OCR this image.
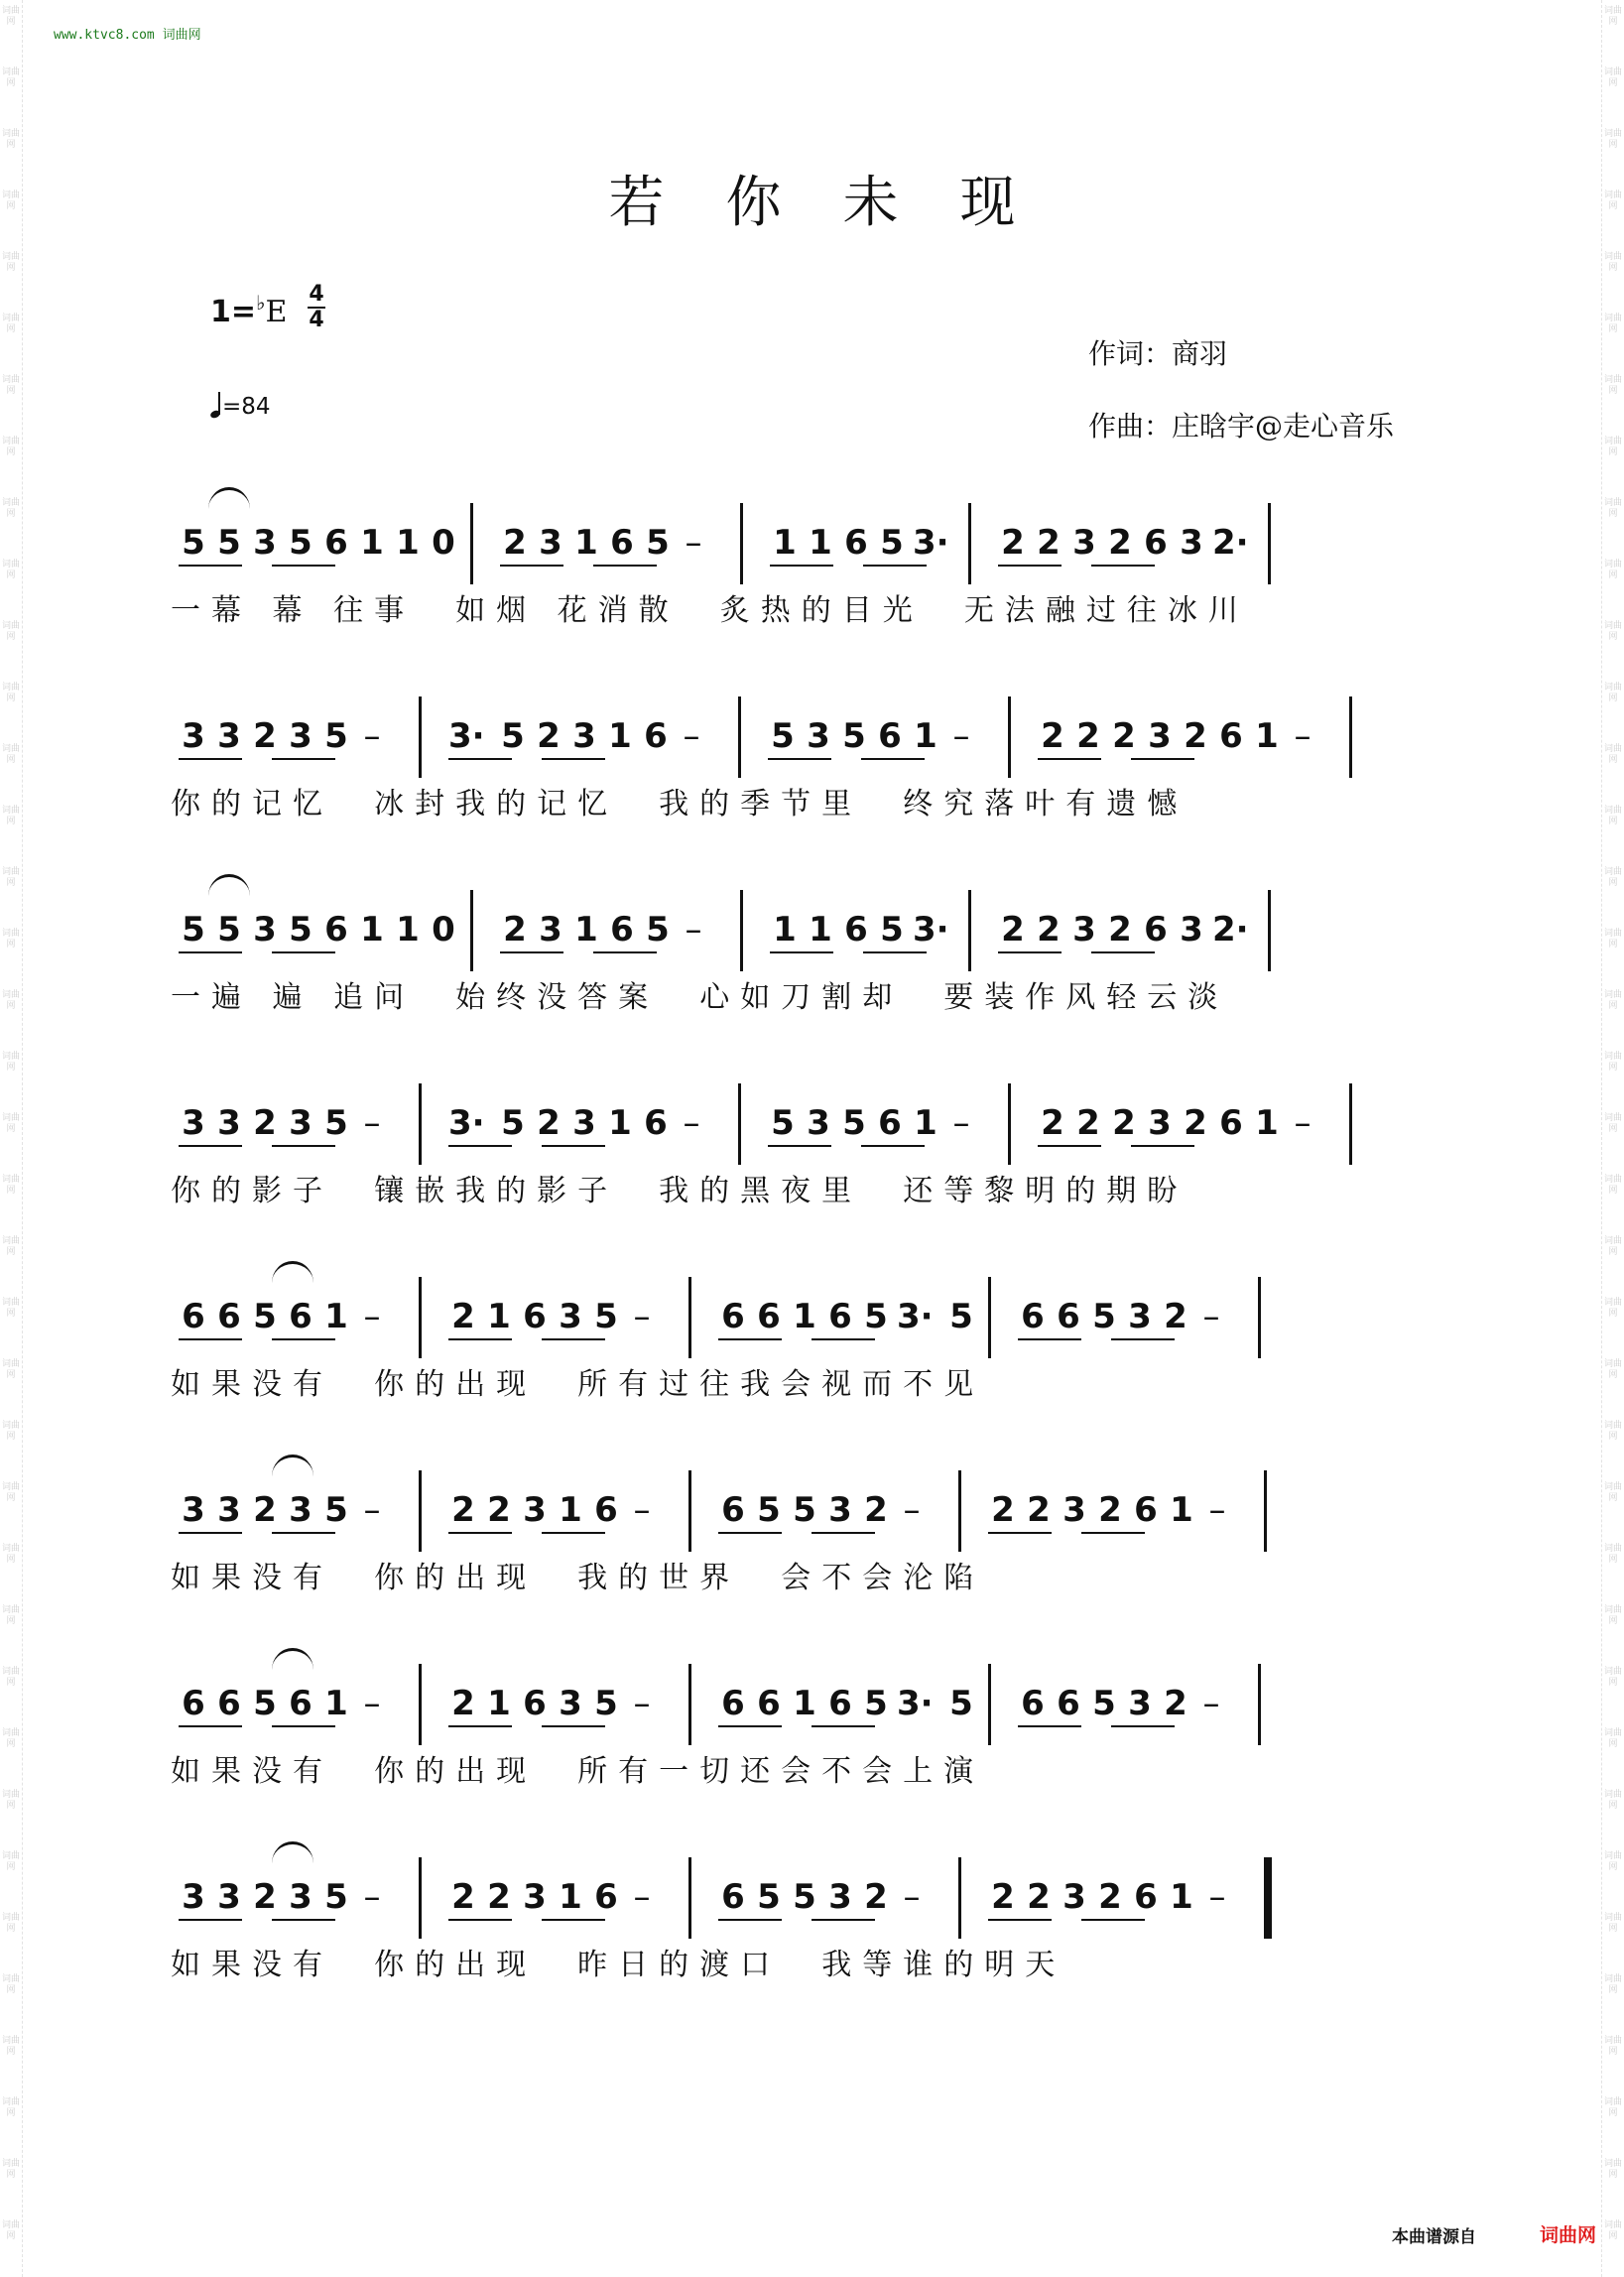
词曲网
词曲网
词曲网
词曲网
词曲网
词曲网
词曲网
词曲网
词曲网
词曲网
词曲网
词曲网
词曲网
词曲网
词曲网
词曲网
词曲网
词曲网
词曲网
词曲网
词曲网
词曲网
词曲网
词曲网
词曲网
词曲网
词曲网
词曲网
词曲网
词曲网
词曲网
词曲网
词曲网
词曲网
词曲网
词曲网
词曲网
词曲网
词曲网
词曲网
词曲网
词曲网
词曲网
词曲网
词曲网
词曲网
词曲网
词曲网
词曲网
词曲网
词曲网
词曲网
词曲网
词曲网
词曲网
词曲网
词曲网
词曲网
词曲网
词曲网
词曲网
词曲网
词曲网
词曲网
词曲网
词曲网
词曲网
词曲网
词曲网
词曲网
词曲网
词曲网
词曲网
词曲网
www.ktvc8.com 词曲网
若你未现
1=♭E
4
4
=84
作词：商羽
作曲：庄晗宇@走心音乐
5 5 3 5 6 1 1 0 2 3 1 6 5 – 1 1 6 5 3· 2 2 3 2 6 3 2·
一幕 幕 往事  如烟 花消散  炙热的目光  无法融过往冰川
3 3 2 3 5 – 3· 5 2 3 1 6 – 5 3 5 6 1 – 2 2 2 3 2 6 1 –
你的记忆  冰封我的记忆  我的季节里  终究落叶有遗憾
5 5 3 5 6 1 1 0 2 3 1 6 5 – 1 1 6 5 3· 2 2 3 2 6 3 2·
一遍 遍 追问  始终没答案  心如刀割却  要装作风轻云淡
3 3 2 3 5 – 3· 5 2 3 1 6 – 5 3 5 6 1 – 2 2 2 3 2 6 1 –
你的影子  镶嵌我的影子  我的黑夜里  还等黎明的期盼
6 6 5 6 1 – 2 1 6 3 5 – 6 6 1 6 5 3· 5 6 6 5 3 2 –
如果没有  你的出现  所有过往我会视而不见
3 3 2 3 5 – 2 2 3 1 6 – 6 5 5 3 2 – 2 2 3 2 6 1 –
如果没有  你的出现  我的世界  会不会沦陷
6 6 5 6 1 – 2 1 6 3 5 – 6 6 1 6 5 3· 5 6 6 5 3 2 –
如果没有  你的出现  所有一切还会不会上演
3 3 2 3 5 – 2 2 3 1 6 – 6 5 5 3 2 – 2 2 3 2 6 1 –
如果没有  你的出现  昨日的渡口  我等谁的明天
本曲谱源自	词曲网
